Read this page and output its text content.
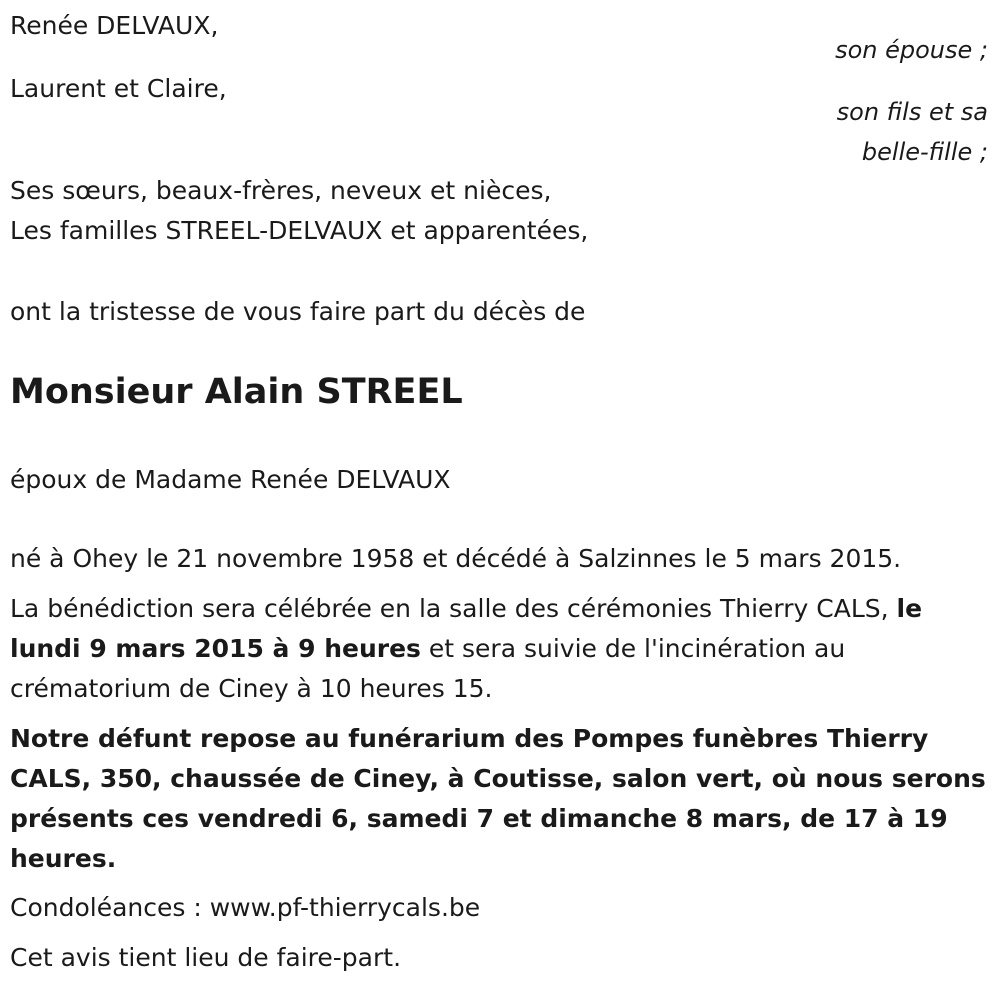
Renée DELVAUX,
son épouse ;
Laurent et Claire,
son fils et sa
belle-fille ;
Ses sœurs, beaux-frères, neveux et nièces,
Les familles STREEL-DELVAUX et apparentées,
ont la tristesse de vous faire part du décès de
Monsieur Alain STREEL
époux de Madame Renée DELVAUX
né à Ohey le 21 novembre 1958 et décédé à Salzinnes le 5 mars 2015.
La bénédiction sera célébrée en la salle des cérémonies Thierry CALS, le
lundi 9 mars 2015 à 9 heures et sera suivie de l'incinération au
crématorium de Ciney à 10 heures 15.
Notre défunt repose au funérarium des Pompes funèbres Thierry
CALS, 350, chaussée de Ciney, à Coutisse, salon vert, où nous serons
présents ces vendredi 6, samedi 7 et dimanche 8 mars, de 17 à 19
heures.
Condoléances : www.pf-thierrycals.be
Cet avis tient lieu de faire-part.
